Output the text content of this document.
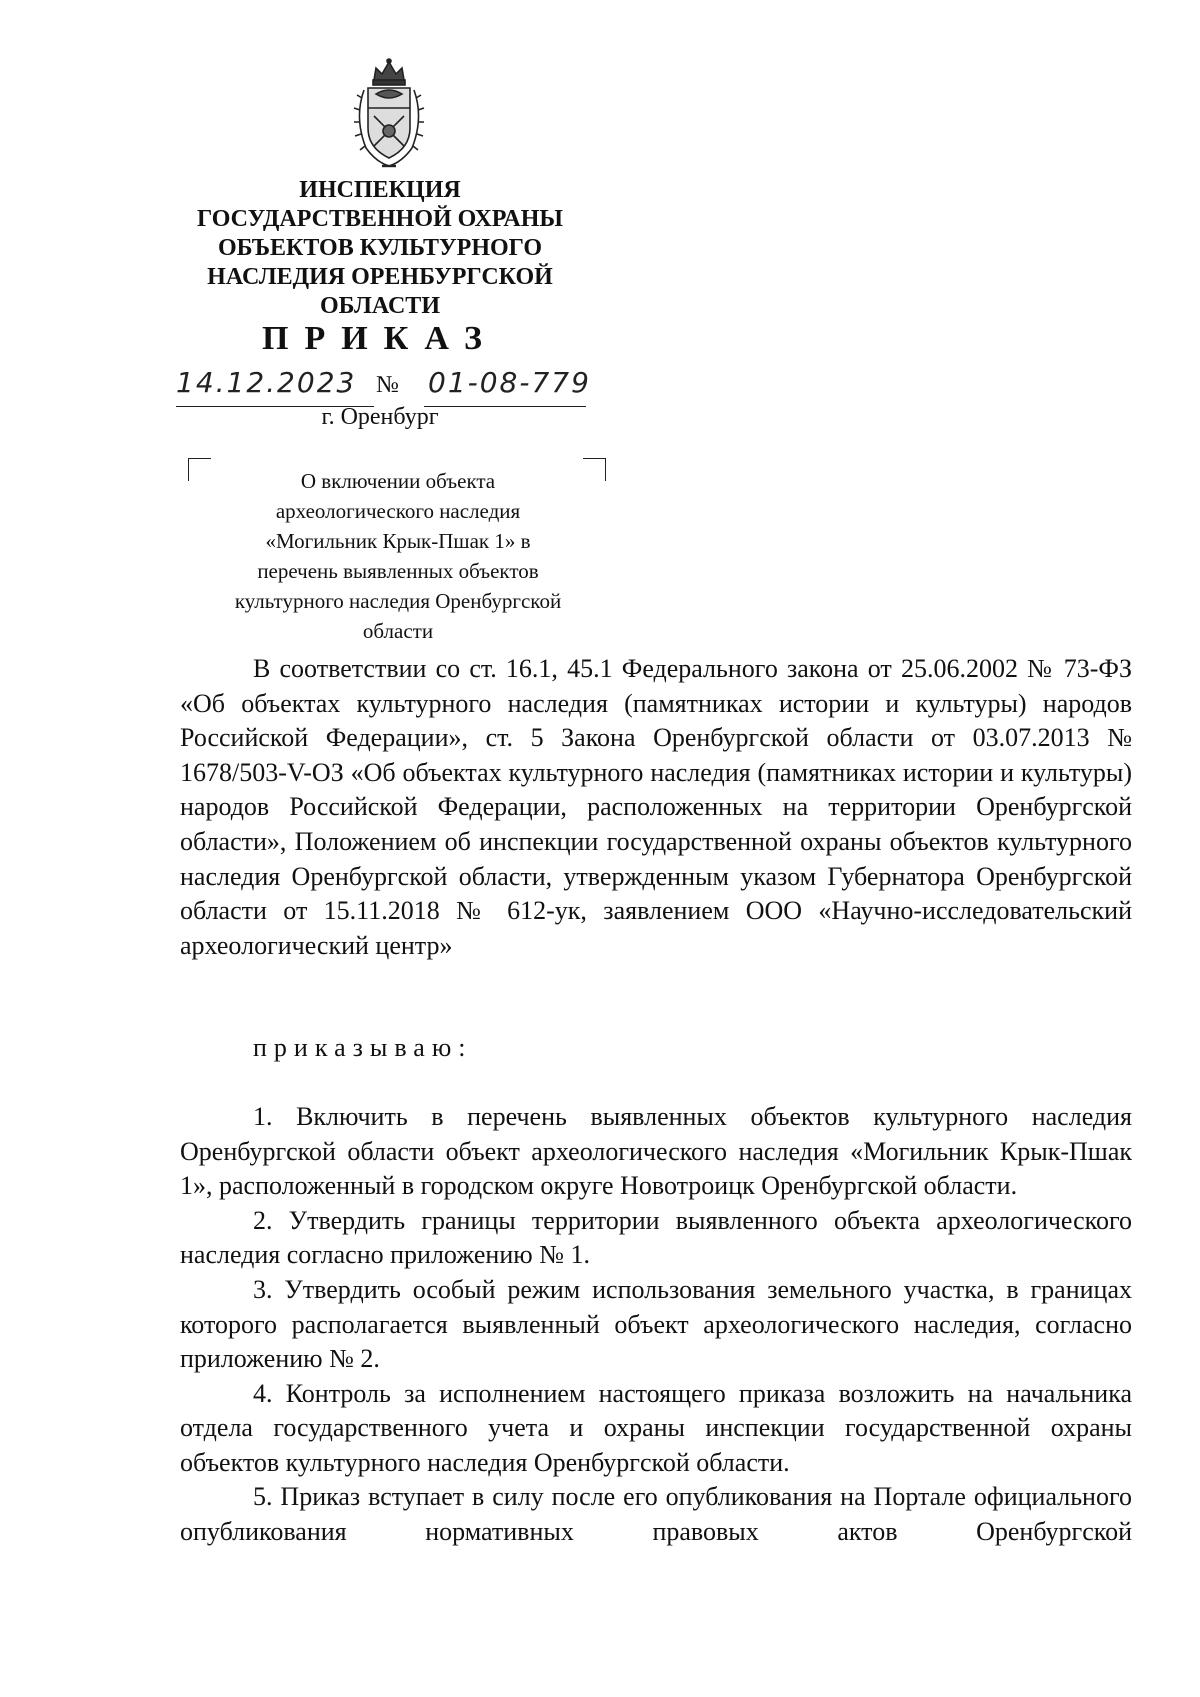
ИНСПЕКЦИЯ
ГОСУДАРСТВЕННОЙ ОХРАНЫ
ОБЪЕКТОВ КУЛЬТУРНОГО
НАСЛЕДИЯ ОРЕНБУРГСКОЙ
ОБЛАСТИ
ПРИКАЗ
14.12.2023 № 01-08-779
г. Оренбург
О включении объекта
археологического наследия
«Могильник Крык-Пшак 1» в
перечень выявленных объектов
культурного наследия Оренбургской
области

В соответствии со ст. 16.1, 45.1 Федерального закона от 25.06.2002 № 73-ФЗ «Об объектах культурного наследия (памятниках истории и культуры) народов Российской Федерации», ст. 5 Закона Оренбургской области от 03.07.2013 № 1678/503-V-ОЗ «Об объектах культурного наследия (памятниках истории и культуры) народов Российской Федерации, расположенных на территории Оренбургской области», Положением об инспекции государственной охраны объектов культурного наследия Оренбургской области, утвержденным указом Губернатора Оренбургской области от 15.11.2018 № 612-ук, заявлением ООО «Научно-исследовательский археологический центр»

приказываю:

1. Включить в перечень выявленных объектов культурного наследия Оренбургской области объект археологического наследия «Могильник Крык-Пшак 1», расположенный в городском округе Новотроицк Оренбургской области.

2. Утвердить границы территории выявленного объекта археологического наследия согласно приложению № 1.

3. Утвердить особый режим использования земельного участка, в границах которого располагается выявленный объект археологического наследия, согласно приложению № 2.

4. Контроль за исполнением настоящего приказа возложить на начальника отдела государственного учета и охраны инспекции государственной охраны объектов культурного наследия Оренбургской области.

5. Приказ вступает в силу после его опубликования на Портале официального опубликования нормативных правовых актов Оренбургской
